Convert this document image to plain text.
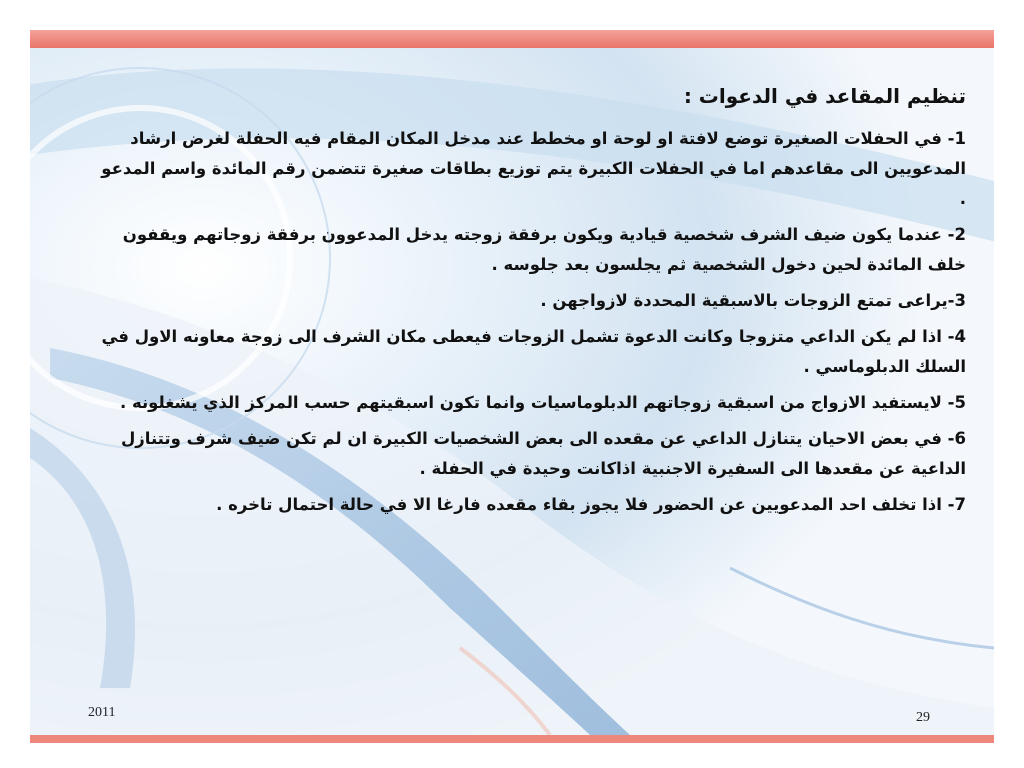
تنظيم المقاعد في الدعوات :
1- في الحفلات الصغيرة توضع لافتة او لوحة او مخطط عند مدخل المكان المقام فيه الحفلة لغرض ارشاد المدعويين الى مقاعدهم اما في الحفلات الكبيرة يتم توزيع بطاقات صغيرة تتضمن رقم المائدة واسم المدعو .
2- عندما يكون ضيف الشرف شخصية قيادية ويكون برفقة زوجته يدخل المدعوون برفقة زوجاتهم ويقفون خلف المائدة لحين دخول الشخصية ثم يجلسون بعد جلوسه .
3-يراعى تمتع الزوجات بالاسبقية المحددة لازواجهن .
4- اذا لم يكن الداعي متزوجا وكانت الدعوة تشمل الزوجات فيعطى مكان الشرف الى زوجة معاونه الاول في السلك الدبلوماسي .
5- لايستفيد الازواج من اسبقية زوجاتهم الدبلوماسيات وانما تكون اسبقيتهم حسب المركز الذي يشغلونه .
6- في بعض الاحيان يتنازل الداعي عن مقعده الى بعض الشخصيات الكبيرة ان لم تكن ضيف شرف وتتنازل الداعية عن مقعدها الى السفيرة الاجنبية اذاكانت وحيدة في الحفلة .
7- اذا تخلف احد المدعويين عن الحضور فلا يجوز بقاء مقعده فارغا الا في حالة احتمال تاخره .
2011	29
